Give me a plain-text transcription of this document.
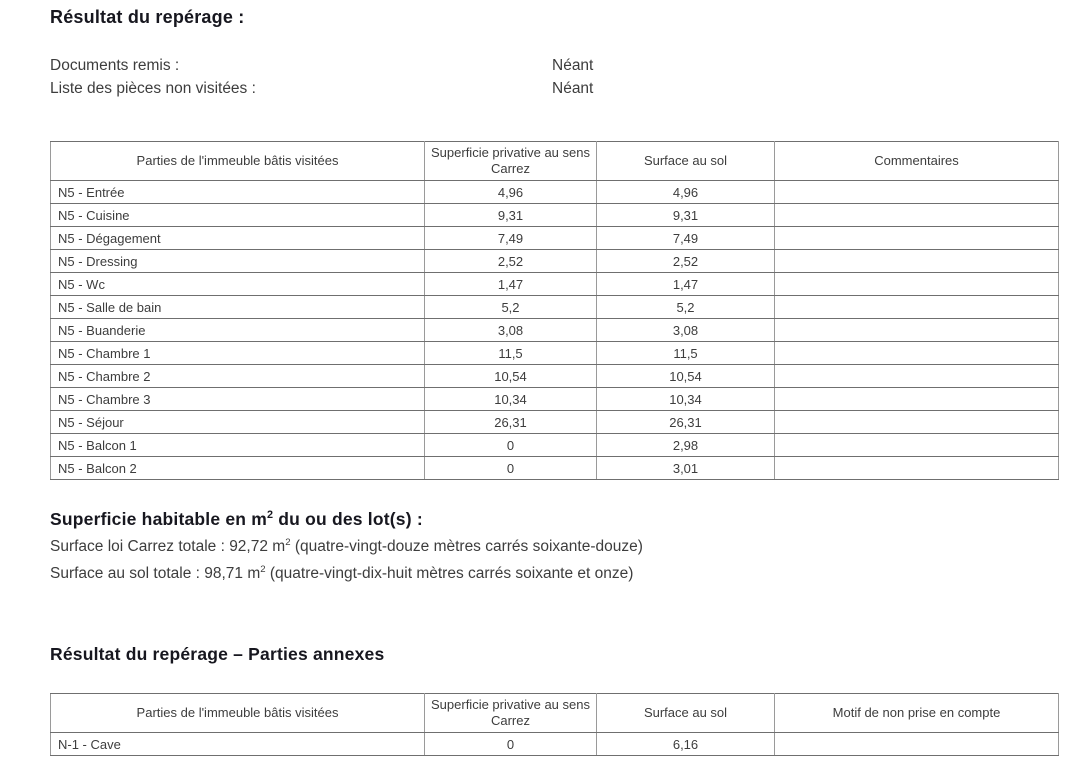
Résultat du repérage :
Documents remis :	Néant
Liste des pièces non visitées :	Néant
Parties de l'immeuble bâtis visitées	Superficie privative au sens Carrez	Surface au sol	Commentaires
N5 - Entrée	4,96	4,96	
N5 - Cuisine	9,31	9,31	
N5 - Dégagement	7,49	7,49	
N5 - Dressing	2,52	2,52	
N5 - Wc	1,47	1,47	
N5 - Salle de bain	5,2	5,2	
N5 - Buanderie	3,08	3,08	
N5 - Chambre 1	11,5	11,5	
N5 - Chambre 2	10,54	10,54	
N5 - Chambre 3	10,34	10,34	
N5 - Séjour	26,31	26,31	
N5 - Balcon 1	0	2,98	
N5 - Balcon 2	0	3,01	
Superficie habitable en $m^2$ du ou des lot(s) :
Surface loi Carrez totale : 92,72 $m^2$ (quatre-vingt-douze mètres carrés soixante-douze)
Surface au sol totale : 98,71 $m^2$ (quatre-vingt-dix-huit mètres carrés soixante et onze)
Résultat du repérage – Parties annexes
Parties de l'immeuble bâtis visitées	Superficie privative au sens Carrez	Surface au sol	Motif de non prise en compte
N-1 - Cave	0	6,16	
